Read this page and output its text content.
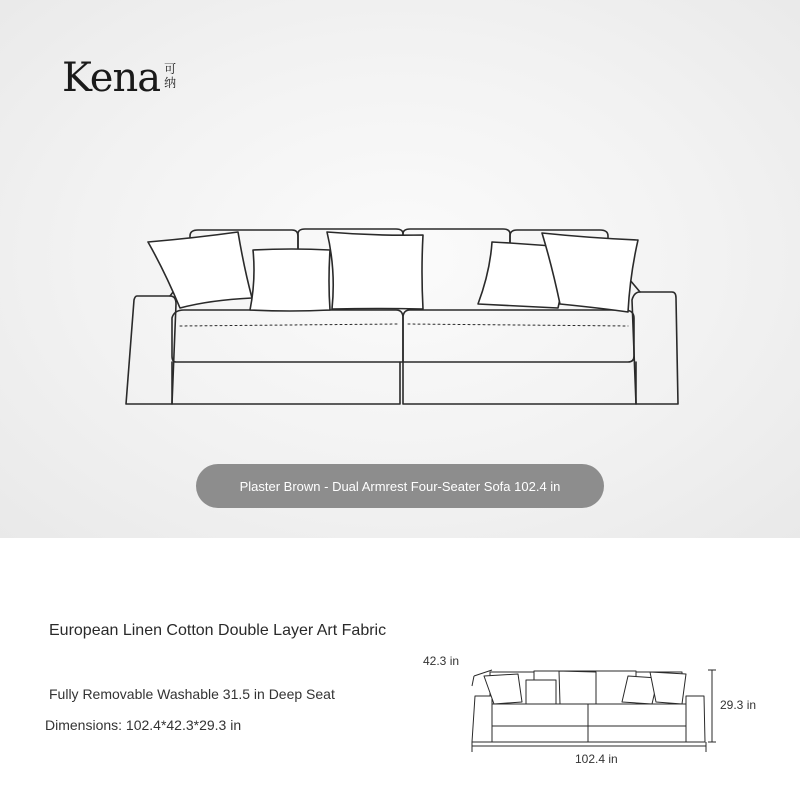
Kena 可纳
Plaster Brown - Dual Armrest Four-Seater Sofa 102.4 in
European Linen Cotton Double Layer Art Fabric
Fully Removable Washable 31.5 in Deep Seat
Dimensions: 102.4*42.3*29.3 in
42.3 in
29.3 in
102.4 in
